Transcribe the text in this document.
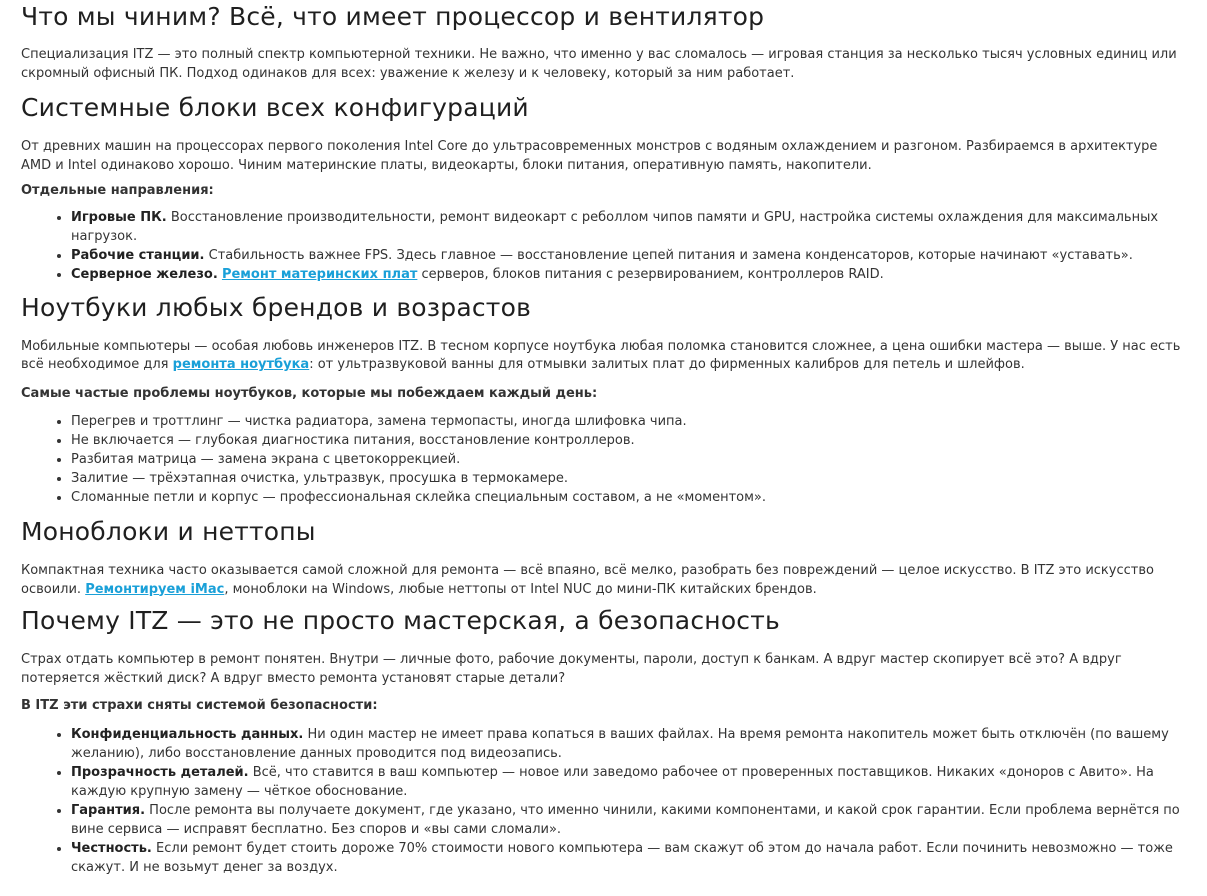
Что мы чиним? Всё, что имеет процессор и вентилятор

Специализация ITZ — это полный спектр компьютерной техники. Не важно, что именно у вас сломалось — игровая станция за несколько тысяч условных единиц или скромный офисный ПК. Подход одинаков для всех: уважение к железу и к человеку, который за ним работает.

Системные блоки всех конфигураций

От древних машин на процессорах первого поколения Intel Core до ультрасовременных монстров с водяным охлаждением и разгоном. Разбираемся в архитектуре AMD и Intel одинаково хорошо. Чиним материнские платы, видеокарты, блоки питания, оперативную память, накопители.

Отдельные направления:

• Игровые ПК. Восстановление производительности, ремонт видеокарт с реболлом чипов памяти и GPU, настройка системы охлаждения для максимальных нагрузок.
• Рабочие станции. Стабильность важнее FPS. Здесь главное — восстановление цепей питания и замена конденсаторов, которые начинают «уставать».
• Серверное железо. Ремонт материнских плат серверов, блоков питания с резервированием, контроллеров RAID.
Ноутбуки любых брендов и возрастов

Мобильные компьютеры — особая любовь инженеров ITZ. В тесном корпусе ноутбука любая поломка становится сложнее, а цена ошибки мастера — выше. У нас есть всё необходимое для ремонта ноутбука: от ультразвуковой ванны для отмывки залитых плат до фирменных калибров для петель и шлейфов.

Самые частые проблемы ноутбуков, которые мы побеждаем каждый день:

• Перегрев и троттлинг — чистка радиатора, замена термопасты, иногда шлифовка чипа.
• Не включается — глубокая диагностика питания, восстановление контроллеров.
• Разбитая матрица — замена экрана с цветокоррекцией.
• Залитие — трёхэтапная очистка, ультразвук, просушка в термокамере.
• Сломанные петли и корпус — профессиональная склейка специальным составом, а не «моментом».
Моноблоки и неттопы

Компактная техника часто оказывается самой сложной для ремонта — всё впаяно, всё мелко, разобрать без повреждений — целое искусство. В ITZ это искусство освоили. Ремонтируем iMac, моноблоки на Windows, любые неттопы от Intel NUC до мини-ПК китайских брендов.

Почему ITZ — это не просто мастерская, а безопасность

Страх отдать компьютер в ремонт понятен. Внутри — личные фото, рабочие документы, пароли, доступ к банкам. А вдруг мастер скопирует всё это? А вдруг потеряется жёсткий диск? А вдруг вместо ремонта установят старые детали?

В ITZ эти страхи сняты системой безопасности:

• Конфиденциальность данных. Ни один мастер не имеет права копаться в ваших файлах. На время ремонта накопитель может быть отключён (по вашему желанию), либо восстановление данных проводится под видеозапись.
• Прозрачность деталей. Всё, что ставится в ваш компьютер — новое или заведомо рабочее от проверенных поставщиков. Никаких «доноров с Авито». На каждую крупную замену — чёткое обоснование.
• Гарантия. После ремонта вы получаете документ, где указано, что именно чинили, какими компонентами, и какой срок гарантии. Если проблема вернётся по вине сервиса — исправят бесплатно. Без споров и «вы сами сломали».
• Честность. Если ремонт будет стоить дороже 70% стоимости нового компьютера — вам скажут об этом до начала работ. Если починить невозможно — тоже скажут. И не возьмут денег за воздух.
